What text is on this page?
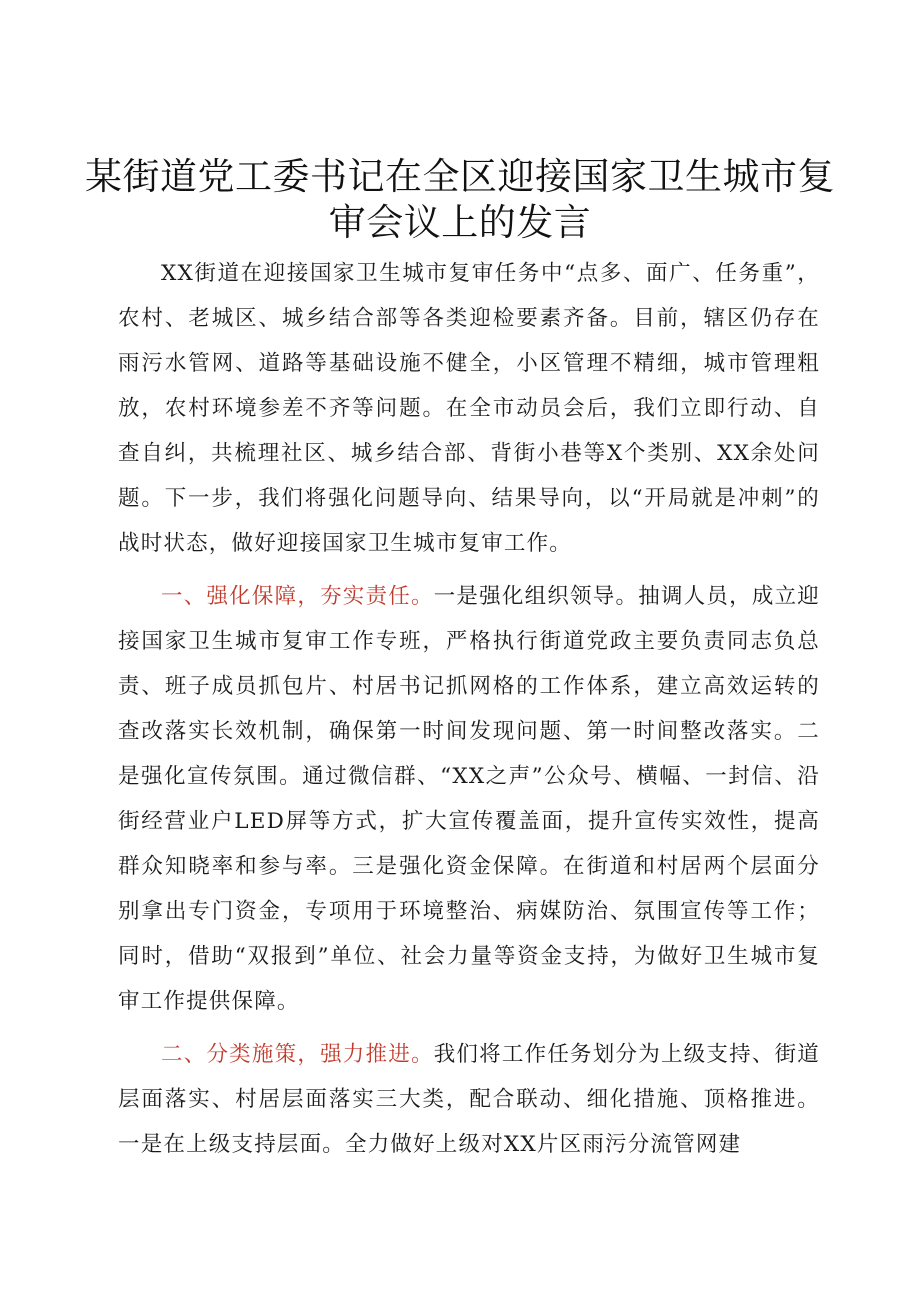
某街道党工委书记在全区迎接国家卫生城市复审会议上的发言

XX街道在迎接国家卫生城市复审任务中“点多、面广、任务重”，农村、老城区、城乡结合部等各类迎检要素齐备。目前，辖区仍存在雨污水管网、道路等基础设施不健全，小区管理不精细，城市管理粗放，农村环境参差不齐等问题。在全市动员会后，我们立即行动、自查自纠，共梳理社区、城乡结合部、背街小巷等X个类别、XX余处问题。下一步，我们将强化问题导向、结果导向，以“开局就是冲刺”的战时状态，做好迎接国家卫生城市复审工作。

一、强化保障，夯实责任。一是强化组织领导。抽调人员，成立迎接国家卫生城市复审工作专班，严格执行街道党政主要负责同志负总责、班子成员抓包片、村居书记抓网格的工作体系，建立高效运转的查改落实长效机制，确保第一时间发现问题、第一时间整改落实。二是强化宣传氛围。通过微信群、“XX之声”公众号、横幅、一封信、沿街经营业户LED屏等方式，扩大宣传覆盖面，提升宣传实效性，提高群众知晓率和参与率。三是强化资金保障。在街道和村居两个层面分别拿出专门资金，专项用于环境整治、病媒防治、氛围宣传等工作；同时，借助“双报到”单位、社会力量等资金支持，为做好卫生城市复审工作提供保障。

二、分类施策，强力推进。我们将工作任务划分为上级支持、街道层面落实、村居层面落实三大类，配合联动、细化措施、顶格推进。一是在上级支持层面。全力做好上级对XX片区雨污分流管网建
